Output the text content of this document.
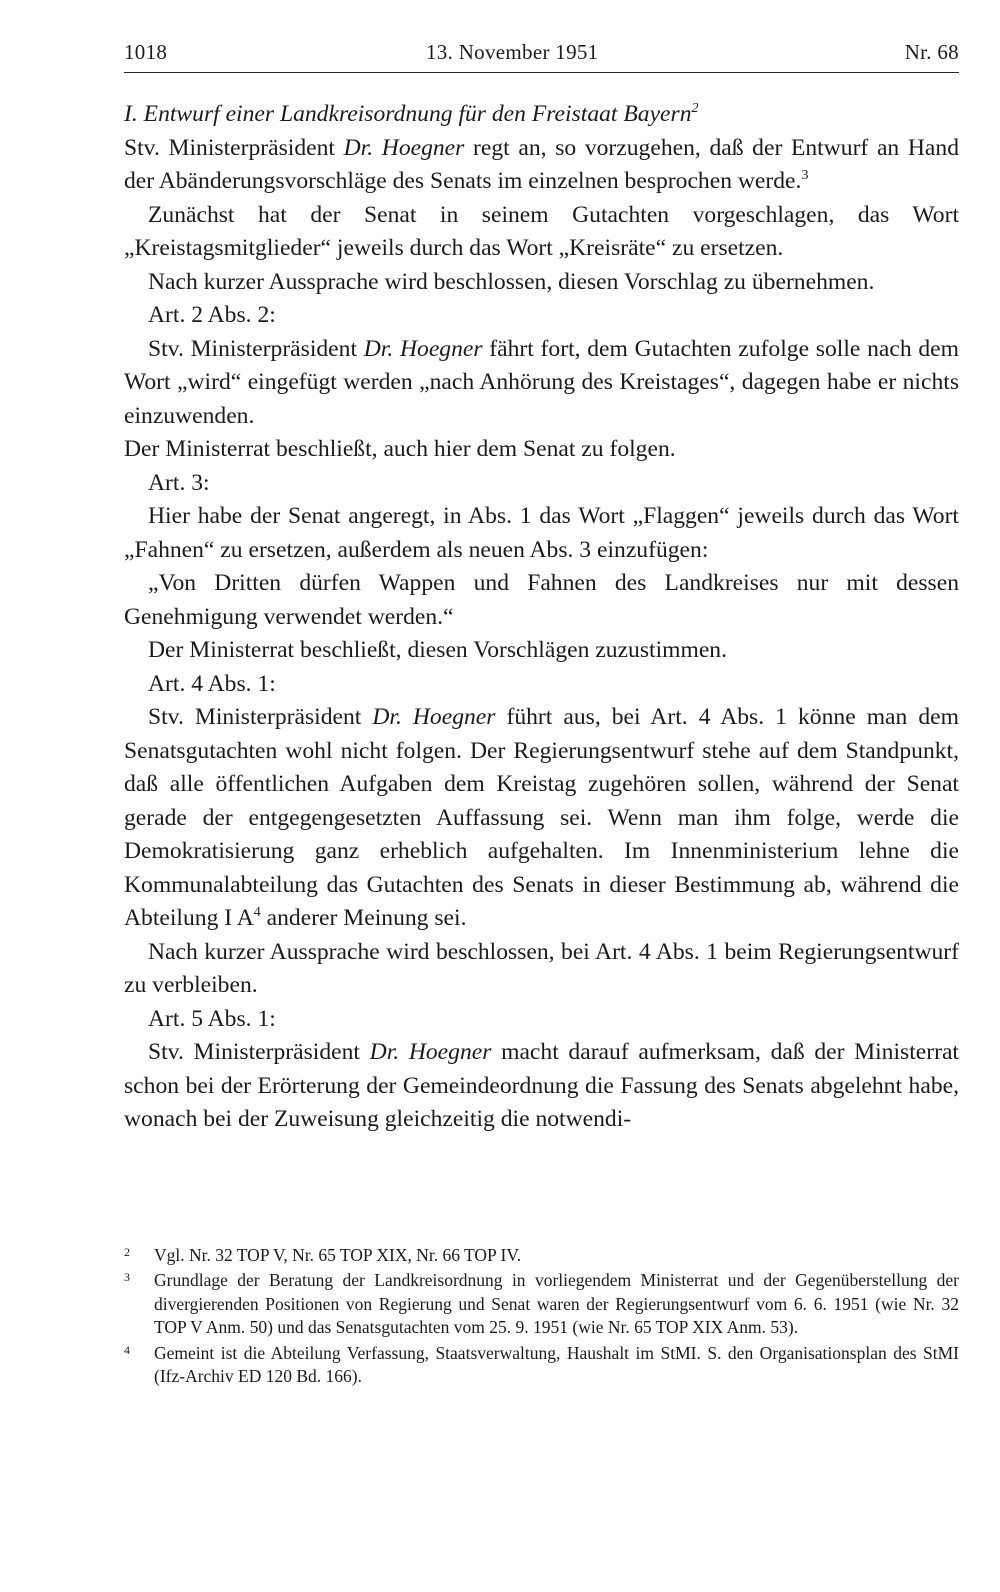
1018	13. November 1951	Nr. 68

I. Entwurf einer Landkreisordnung für den Freistaat Bayern$^2$

Stv. Ministerpräsident Dr. Hoegner regt an, so vorzugehen, daß der Entwurf an Hand der Abänderungsvorschläge des Senats im einzelnen besprochen werde.$^3$

Zunächst hat der Senat in seinem Gutachten vorgeschlagen, das Wort „Kreistagsmitglieder“ jeweils durch das Wort „Kreisräte“ zu ersetzen.

Nach kurzer Aussprache wird beschlossen, diesen Vorschlag zu übernehmen.

Art. 2 Abs. 2:

Stv. Ministerpräsident Dr. Hoegner fährt fort, dem Gutachten zufolge solle nach dem Wort „wird“ eingefügt werden „nach Anhörung des Kreistages“, dagegen habe er nichts einzuwenden.

Der Ministerrat beschließt, auch hier dem Senat zu folgen.

Art. 3:

Hier habe der Senat angeregt, in Abs. 1 das Wort „Flaggen“ jeweils durch das Wort „Fahnen“ zu ersetzen, außerdem als neuen Abs. 3 einzufügen:

„Von Dritten dürfen Wappen und Fahnen des Landkreises nur mit dessen Genehmigung verwendet werden.“

Der Ministerrat beschließt, diesen Vorschlägen zuzustimmen.

Art. 4 Abs. 1:

Stv. Ministerpräsident Dr. Hoegner führt aus, bei Art. 4 Abs. 1 könne man dem Senatsgutachten wohl nicht folgen. Der Regierungsentwurf stehe auf dem Standpunkt, daß alle öffentlichen Aufgaben dem Kreistag zugehören sollen, während der Senat gerade der entgegengesetzten Auffassung sei. Wenn man ihm folge, werde die Demokratisierung ganz erheblich aufgehalten. Im Innenministerium lehne die Kommunalabteilung das Gutachten des Senats in dieser Bestimmung ab, während die Abteilung I $A^4$ anderer Meinung sei.

Nach kurzer Aussprache wird beschlossen, bei Art. 4 Abs. 1 beim Regierungsentwurf zu verbleiben.

Art. 5 Abs. 1:

Stv. Ministerpräsident Dr. Hoegner macht darauf aufmerksam, daß der Ministerrat schon bei der Erörterung der Gemeindeordnung die Fassung des Senats abgelehnt habe, wonach bei der Zuweisung gleichzeitig die notwendi-

2 Vgl. Nr. 32 TOP V, Nr. 65 TOP XIX, Nr. 66 TOP IV.
3 Grundlage der Beratung der Landkreisordnung in vorliegendem Ministerrat und der Gegenüberstellung der divergierenden Positionen von Regierung und Senat waren der Regierungsentwurf vom 6. 6. 1951 (wie Nr. 32 TOP V Anm. 50) und das Senatsgutachten vom 25. 9. 1951 (wie Nr. 65 TOP XIX Anm. 53).
4 Gemeint ist die Abteilung Verfassung, Staatsverwaltung, Haushalt im StMI. S. den Organisationsplan des StMI (Ifz-Archiv ED 120 Bd. 166).
